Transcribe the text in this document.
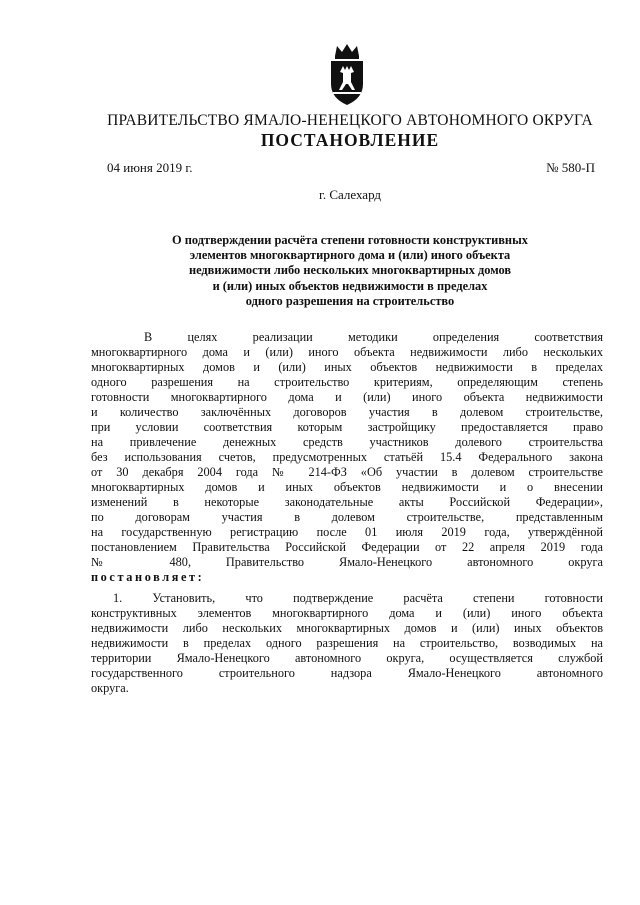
ПРАВИТЕЛЬСТВО ЯМАЛО-НЕНЕЦКОГО АВТОНОМНОГО ОКРУГА
ПОСТАНОВЛЕНИЕ
04 июня 2019 г.	№ 580-П
г. Салехард
О подтверждении расчёта степени готовности конструктивных
элементов многоквартирного дома и (или) иного объекта
недвижимости либо нескольких многоквартирных домов
и (или) иных объектов недвижимости в пределах
одного разрешения на строительство
В целях реализации методики определения соответствия
многоквартирного дома и (или) иного объекта недвижимости либо нескольких
многоквартирных домов и (или) иных объектов недвижимости в пределах
одного разрешения на строительство критериям, определяющим степень
готовности многоквартирного дома и (или) иного объекта недвижимости
и количество заключённых договоров участия в долевом строительстве,
при условии соответствия которым застройщику предоставляется право
на привлечение денежных средств участников долевого строительства
без использования счетов, предусмотренных статьёй 15.4 Федерального закона
от 30 декабря 2004 года № 214-ФЗ «Об участии в долевом строительстве
многоквартирных домов и иных объектов недвижимости и о внесении
изменений в некоторые законодательные акты Российской Федерации»,
по договорам участия в долевом строительстве, представленным
на государственную регистрацию после 01 июля 2019 года, утверждённой
постановлением Правительства Российской Федерации от 22 апреля 2019 года
№ 480, Правительство Ямало-Ненецкого автономного округа
постановляет:
1. Установить, что подтверждение расчёта степени готовности
конструктивных элементов многоквартирного дома и (или) иного объекта
недвижимости либо нескольких многоквартирных домов и (или) иных объектов
недвижимости в пределах одного разрешения на строительство, возводимых на
территории Ямало-Ненецкого автономного округа, осуществляется службой
государственного строительного надзора Ямало-Ненецкого автономного
округа.
